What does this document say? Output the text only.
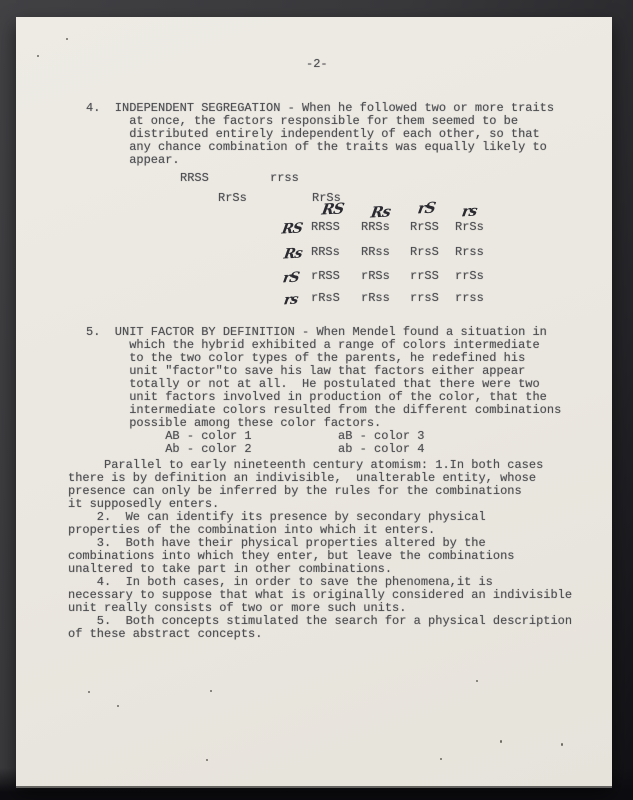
-2-
4.  INDEPENDENT SEGREGATION - When he followed two or more traits
at once, the factors responsible for them seemed to be
distributed entirely independently of each other, so that
any chance combination of the traits was equally likely to
appear.
RRSS	rrss
RrSs	RrSs
RS Rs rS rs
RS
Rs
rS
rs
RRSS RRSs RrSS RrSs
RRSs RRss RrsS Rrss
rRSS rRSs rrSS rrSs
rRsS rRss rrsS rrss
5.  UNIT FACTOR BY DEFINITION - When Mendel found a situation in
which the hybrid exhibited a range of colors intermediate
to the two color types of the parents, he redefined his
unit "factor"to save his law that factors either appear
totally or not at all.  He postulated that there were two
unit factors involved in production of the color, that the
intermediate colors resulted from the different combinations
possible among these color factors.
AB - color 1            aB - color 3
Ab - color 2            ab - color 4
Parallel to early nineteenth century atomism: 1.In both cases
there is by definition an indivisible,  unalterable entity, whose
presence can only be inferred by the rules for the combinations
it supposedly enters.
2.  We can identify its presence by secondary physical
properties of the combination into which it enters.
3.  Both have their physical properties altered by the
combinations into which they enter, but leave the combinations
unaltered to take part in other combinations.
4.  In both cases, in order to save the phenomena,it is
necessary to suppose that what is originally considered an indivisible
unit really consists of two or more such units.
5.  Both concepts stimulated the search for a physical description
of these abstract concepts.
